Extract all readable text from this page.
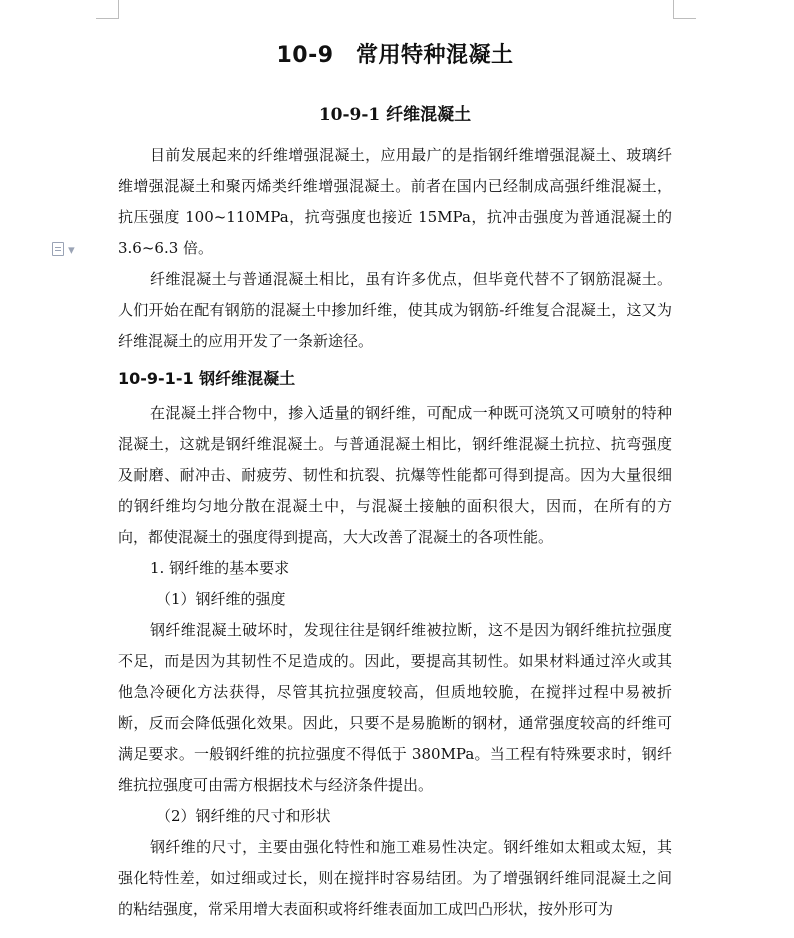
▾
10-9　常用特种混凝土
10-9-1 纤维混凝土

目前发展起来的纤维增强混凝土，应用最广的是指钢纤维增强混凝土、玻璃纤维增强混凝土和聚丙烯类纤维增强混凝土。前者在国内已经制成高强纤维混凝土，抗压强度 100~110MPa，抗弯强度也接近 15MPa，抗冲击强度为普通混凝土的 3.6~6.3 倍。

纤维混凝土与普通混凝土相比，虽有许多优点，但毕竟代替不了钢筋混凝土。人们开始在配有钢筋的混凝土中掺加纤维，使其成为钢筋-纤维复合混凝土，这又为纤维混凝土的应用开发了一条新途径。

10-9-1-1 钢纤维混凝土

在混凝土拌合物中，掺入适量的钢纤维，可配成一种既可浇筑又可喷射的特种混凝土，这就是钢纤维混凝土。与普通混凝土相比，钢纤维混凝土抗拉、抗弯强度及耐磨、耐冲击、耐疲劳、韧性和抗裂、抗爆等性能都可得到提高。因为大量很细的钢纤维均匀地分散在混凝土中，与混凝土接触的面积很大，因而，在所有的方向，都使混凝土的强度得到提高，大大改善了混凝土的各项性能。

1. 钢纤维的基本要求

（1）钢纤维的强度

钢纤维混凝土破坏时，发现往往是钢纤维被拉断，这不是因为钢纤维抗拉强度不足，而是因为其韧性不足造成的。因此，要提高其韧性。如果材料通过淬火或其他急冷硬化方法获得，尽管其抗拉强度较高，但质地较脆，在搅拌过程中易被折断，反而会降低强化效果。因此，只要不是易脆断的钢材，通常强度较高的纤维可满足要求。一般钢纤维的抗拉强度不得低于 380MPa。当工程有特殊要求时，钢纤维抗拉强度可由需方根据技术与经济条件提出。

（2）钢纤维的尺寸和形状

钢纤维的尺寸，主要由强化特性和施工难易性决定。钢纤维如太粗或太短，其强化特性差，如过细或过长，则在搅拌时容易结团。为了增强钢纤维同混凝土之间的粘结强度，常采用增大表面积或将纤维表面加工成凹凸形状，按外形可为
